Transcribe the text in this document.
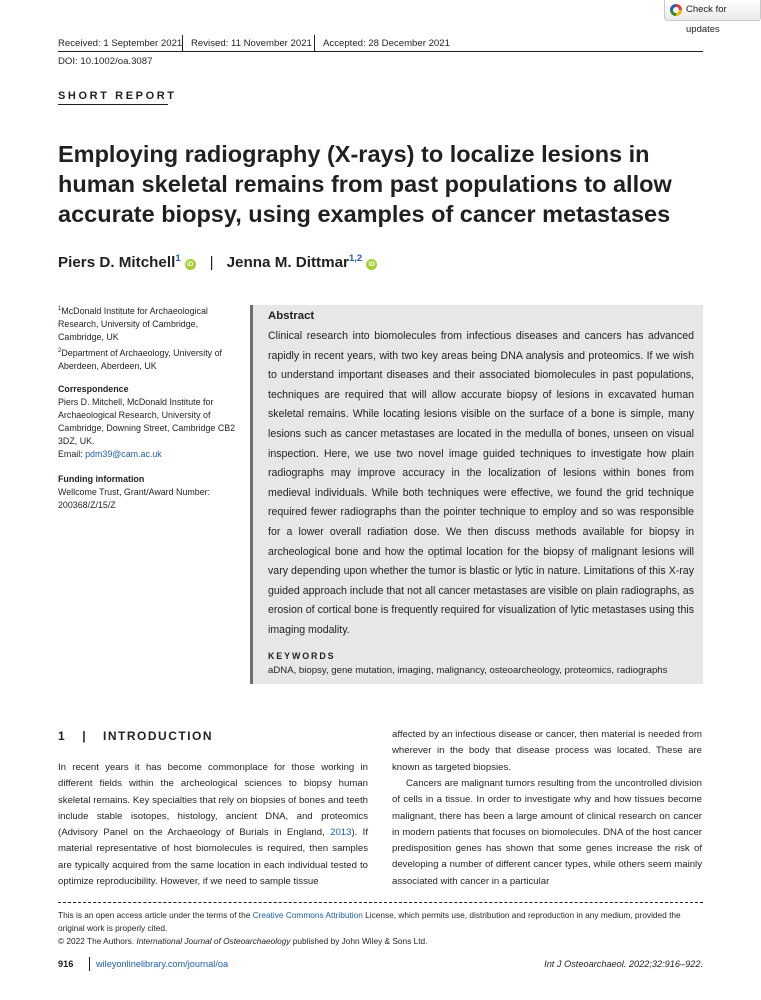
Check for updates
Received: 1 September 2021 Revised: 11 November 2021 Accepted: 28 December 2021
DOI: 10.1002/oa.3087
SHORT REPORT
Employing radiography (X-rays) to localize lesions in human skeletal remains from past populations to allow accurate biopsy, using examples of cancer metastases
Piers D. Mitchell$^1$iD | Jenna M. Dittmar$^{1,2}$iD
$^1$McDonald Institute for Archaeological Research, University of Cambridge, Cambridge, UK
$^2$Department of Archaeology, University of Aberdeen, Aberdeen, UK
Correspondence
Piers D. Mitchell, McDonald Institute for Archaeological Research, University of Cambridge, Downing Street, Cambridge CB2 3DZ, UK.
Email: pdm39@cam.ac.uk
Funding information
Wellcome Trust, Grant/Award Number: 200368/Z/15/Z
Abstract

Clinical research into biomolecules from infectious diseases and cancers has advanced rapidly in recent years, with two key areas being DNA analysis and proteomics. If we wish to understand important diseases and their associated biomolecules in past populations, techniques are required that will allow accurate biopsy of lesions in excavated human skeletal remains. While locating lesions visible on the surface of a bone is simple, many lesions such as cancer metastases are located in the medulla of bones, unseen on visual inspection. Here, we use two novel image guided techniques to investigate how plain radiographs may improve accuracy in the localization of lesions within bones from medieval individuals. While both techniques were effective, we found the grid technique required fewer radiographs than the pointer technique to employ and so was responsible for a lower overall radiation dose. We then discuss methods available for biopsy in archeological bone and how the optimal location for the biopsy of malignant lesions will vary depending upon whether the tumor is blastic or lytic in nature. Limitations of this X-ray guided approach include that not all cancer metastases are visible on plain radiographs, as erosion of cortical bone is frequently required for visualization of lytic metastases using this imaging modality.

KEYWORDS
aDNA, biopsy, gene mutation, imaging, malignancy, osteoarcheology, proteomics, radiographs
1 | INTRODUCTION

In recent years it has become commonplace for those working in different fields within the archeological sciences to biopsy human skeletal remains. Key specialties that rely on biopsies of bones and teeth include stable isotopes, histology, ancient DNA, and proteomics (Advisory Panel on the Archaeology of Burials in England, 2013). If material representative of host biomolecules is required, then samples are typically acquired from the same location in each individual tested to optimize reproducibility. However, if we need to sample tissue

affected by an infectious disease or cancer, then material is needed from wherever in the body that disease process was located. These are known as targeted biopsies.

Cancers are malignant tumors resulting from the uncontrolled division of cells in a tissue. In order to investigate why and how tissues become malignant, there has been a large amount of clinical research on cancer in modern patients that focuses on biomolecules. DNA of the host cancer predisposition genes has shown that some genes increase the risk of developing a number of different cancer types, while others seem mainly associated with cancer in a particular

This is an open access article under the terms of the Creative Commons Attribution License, which permits use, distribution and reproduction in any medium, provided the original work is properly cited.
© 2022 The Authors. International Journal of Osteoarchaeology published by John Wiley & Sons Ltd.

916 wileyonlinelibrary.com/journal/oa	Int J Osteoarchaeol. 2022;32:916–922.
